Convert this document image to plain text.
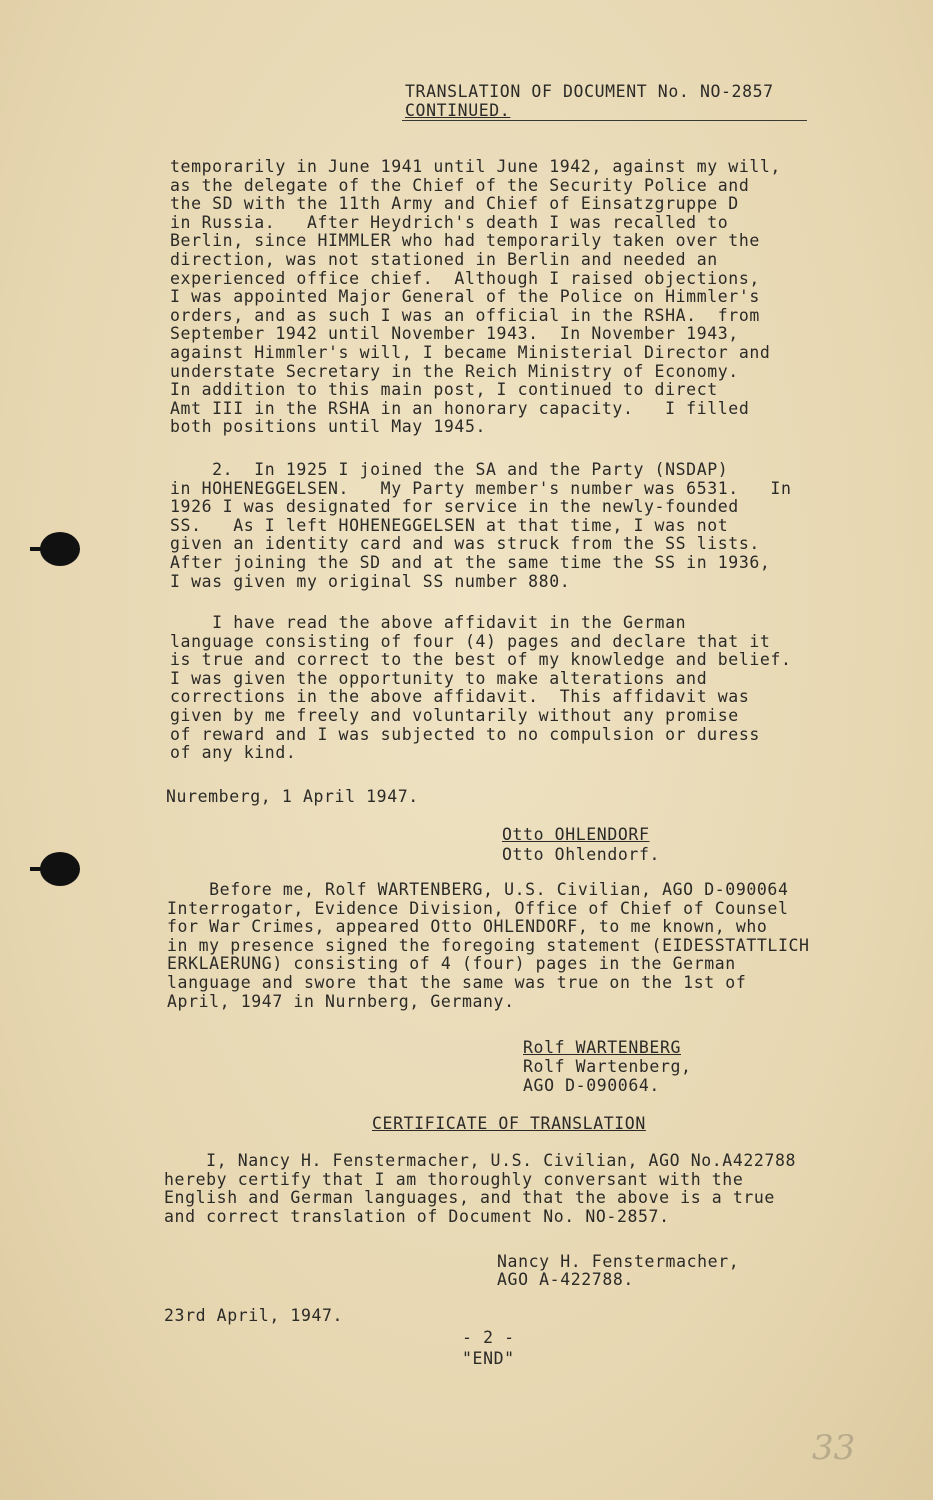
TRANSLATION OF DOCUMENT No. NO-2857
CONTINUED.
temporarily in June 1941 until June 1942, against my will,
as the delegate of the Chief of the Security Police and
the SD with the 11th Army and Chief of Einsatzgruppe D
in Russia.   After Heydrich's death I was recalled to
Berlin, since HIMMLER who had temporarily taken over the
direction, was not stationed in Berlin and needed an
experienced office chief.  Although I raised objections,
I was appointed Major General of the Police on Himmler's
orders, and as such I was an official in the RSHA.  from
September 1942 until November 1943.  In November 1943,
against Himmler's will, I became Ministerial Director and
understate Secretary in the Reich Ministry of Economy.
In addition to this main post, I continued to direct
Amt III in the RSHA in an honorary capacity.   I filled
both positions until May 1945.
2.  In 1925 I joined the SA and the Party (NSDAP)
in HOHENEGGELSEN.   My Party member's number was 6531.   In
1926 I was designated for service in the newly-founded
SS.   As I left HOHENEGGELSEN at that time, I was not
given an identity card and was struck from the SS lists.
After joining the SD and at the same time the SS in 1936,
I was given my original SS number 880.
I have read the above affidavit in the German
language consisting of four (4) pages and declare that it
is true and correct to the best of my knowledge and belief.
I was given the opportunity to make alterations and
corrections in the above affidavit.  This affidavit was
given by me freely and voluntarily without any promise
of reward and I was subjected to no compulsion or duress
of any kind.
Nuremberg, 1 April 1947.
Otto OHLENDORF
Otto Ohlendorf.
Before me, Rolf WARTENBERG, U.S. Civilian, AGO D-090064
Interrogator, Evidence Division, Office of Chief of Counsel
for War Crimes, appeared Otto OHLENDORF, to me known, who
in my presence signed the foregoing statement (EIDESSTATTLICH
ERKLAERUNG) consisting of 4 (four) pages in the German
language and swore that the same was true on the 1st of
April, 1947 in Nurnberg, Germany.
Rolf WARTENBERG
Rolf Wartenberg,
AGO D-090064.
CERTIFICATE OF TRANSLATION
I, Nancy H. Fenstermacher, U.S. Civilian, AGO No.A422788
hereby certify that I am thoroughly conversant with the
English and German languages, and that the above is a true
and correct translation of Document No. NO-2857.
Nancy H. Fenstermacher,
AGO A-422788.
23rd April, 1947.
- 2 -
"END"
33
